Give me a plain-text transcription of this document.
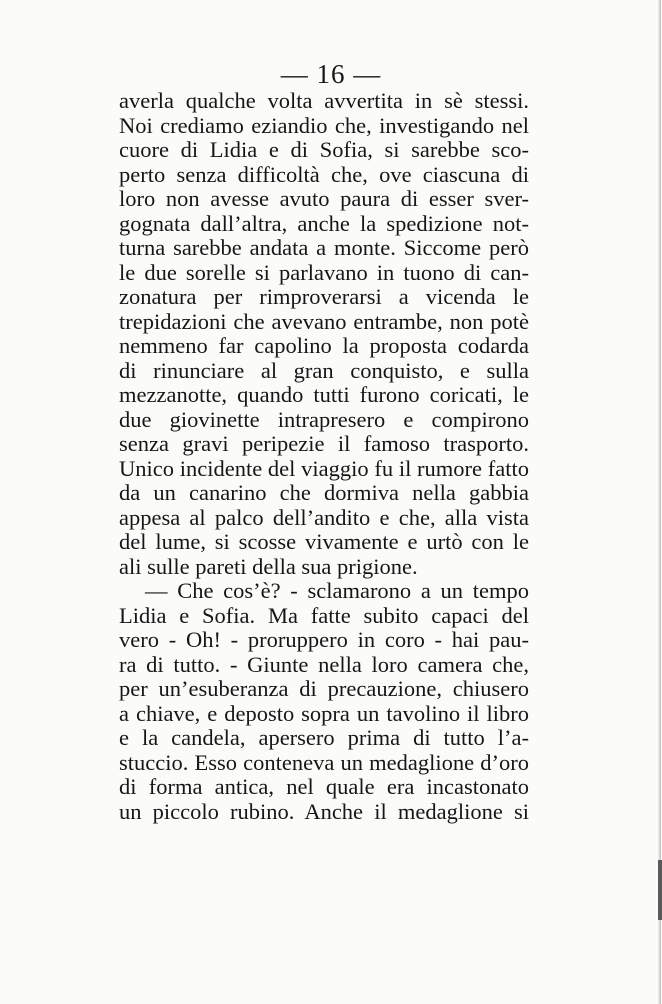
— 16 —
averla qualche volta avvertita in sè stessi.
Noi crediamo eziandio che, investigando nel
cuore di Lidia e di Sofia, si sarebbe sco-
perto senza difficoltà che, ove ciascuna di
loro non avesse avuto paura di esser sver-
gognata dall’altra, anche la spedizione not-
turna sarebbe andata a monte. Siccome però
le due sorelle si parlavano in tuono di can-
zonatura per rimproverarsi a vicenda le
trepidazioni che avevano entrambe, non potè
nemmeno far capolino la proposta codarda
di rinunciare al gran conquisto, e sulla
mezzanotte, quando tutti furono coricati, le
due giovinette intrapresero e compirono
senza gravi peripezie il famoso trasporto.
Unico incidente del viaggio fu il rumore fatto
da un canarino che dormiva nella gabbia
appesa al palco dell’andito e che, alla vista
del lume, si scosse vivamente e urtò con le
ali sulle pareti della sua prigione.
— Che cos’è? - sclamarono a un tempo
Lidia e Sofia. Ma fatte subito capaci del
vero - Oh! - proruppero in coro - hai pau-
ra di tutto. - Giunte nella loro camera che,
per un’esuberanza di precauzione, chiusero
a chiave, e deposto sopra un tavolino il libro
e la candela, apersero prima di tutto l’a-
stuccio. Esso conteneva un medaglione d’oro
di forma antica, nel quale era incastonato
un piccolo rubino. Anche il medaglione si
